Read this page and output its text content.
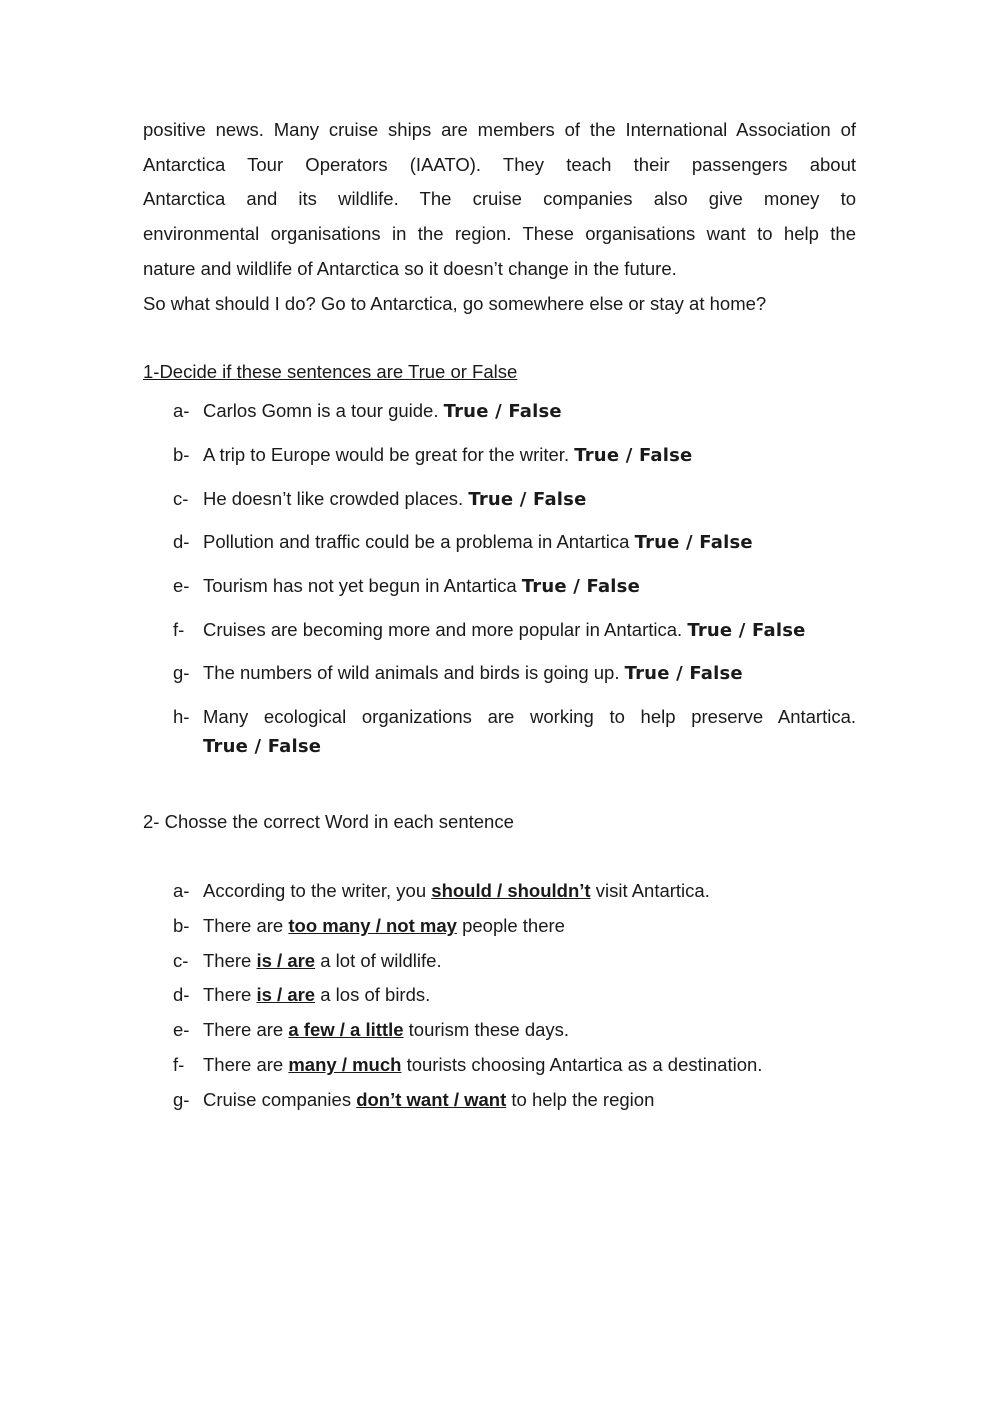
positive news. Many cruise ships are members of the International Association of
Antarctica Tour Operators (IAATO). They teach their passengers about
Antarctica and its wildlife. The cruise companies also give money to
environmental organisations in the region. These organisations want to help the
nature and wildlife of Antarctica so it doesn’t change in the future.

So what should I do? Go to Antarctica, go somewhere else or stay at home?

1-Decide if these sentences are True or False

a- Carlos Gomn is a tour guide. True / False
b- A trip to Europe would be great for the writer. True / False
c- He doesn’t like crowded places. True / False
d- Pollution and traffic could be a problema in Antartica True / False
e- Tourism has not yet begun in Antartica True / False
f-	Cruises are becoming more and more popular in Antartica. True / False
g- The numbers of wild animals and birds is going up. True / False
h- Many ecological organizations are working to help preserve Antartica.
True / False

2- Chosse the correct Word in each sentence

a- According to the writer, you should / shouldn’t visit Antartica.
b- There are too many / not may people there
c- There is / are a lot of wildlife.
d- There is / are a los of birds.
e- There are a few / a little tourism these days.
f-	There are many / much tourists choosing Antartica as a destination.
g- Cruise companies don’t want / want to help the region
